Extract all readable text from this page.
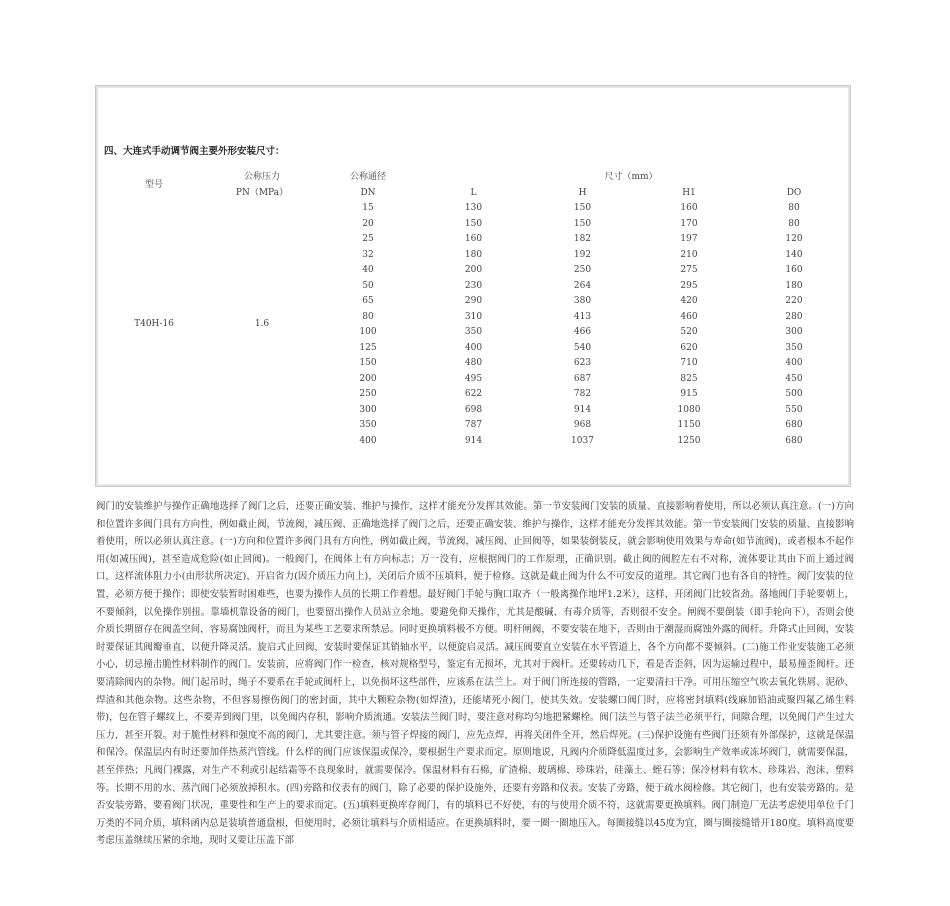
四、大连式手动调节阀主要外形安装尺寸：
型号	公称压力	公称通径	尺寸（mm）			
	PN（MPa）	DN	L	H	H1	DO
T40H-16	1.6	15	130	150	160	80
		20	150	150	170	80
		25	160	182	197	120
		32	180	192	210	140
		40	200	250	275	160
		50	230	264	295	180
		65	290	380	420	220
		80	310	413	460	280
		100	350	466	520	300
		125	400	540	620	350
		150	480	623	710	400
		200	495	687	825	450
		250	622	782	915	500
		300	698	914	1080	550
		350	787	968	1150	680
		400	914	1037	1250	680
阀门的安装维护与操作正确地选择了阀门之后，还要正确安装、维护与操作，这样才能充分发挥其效能。第一节安装阀门安装的质量、直接影响着使用，所以必须认真注意。(一)方向和位置许多阀门具有方向性，例如截止阀，节流阀，减压阀、正确地选择了阀门之后，还要正确安装、维护与操作，这样才能充分发挥其效能。第一节安装阀门安装的质量、直接影响着使用，所以必须认真注意。(一)方向和位置许多阀门具有方向性，例如截止阀，节流阀，减压阀、止回阀等，如果装倒装反，就会影响使用效果与寿命(如节流阀)，或者根本不起作用(如减压阀)，甚至造成危险(如止回阀)。一般阀门，在阀体上有方向标志；万一没有，应根据阀门的工作原理，正确识别。截止阀的阀腔左右不对称，流体要让其由下而上通过阀口，这样流体阻力小(由形状所决定)，开启省力(因介质压力向上)，关闭后介质不压填料，便于检修。这就是截止阀为什么不可安反的道理。其它阀门也有各自的特性。阀门安装的位置，必须方便于操作；即使安装暂时困难些，也要为操作人员的长期工作着想。最好阀门手轮与胸口取齐（一般离操作地坪1.2米），这样，开闭阀门比较省劲。落地阀门手轮要朝上，不要倾斜，以免操作别扭。靠墙机靠设备的阀门，也要留出操作人员站立余地。要避免仰天操作，尤其是酸碱、有毒介质等，否则很不安全。闸阀不要倒装（即手轮向下），否则会使介质长期留存在阀盖空间，容易腐蚀阀杆，而且为某些工艺要求所禁忌。同时更换填料极不方便。明杆闸阀，不要安装在地下，否则由于潮湿而腐蚀外露的阀杆。升降式止回阀，安装时要保证其阀瓣垂直，以便升降灵活。旋启式止回阀，安装时要保证其销轴水平，以便旋启灵活。减压阀要直立安装在水平管道上，各个方向都不要倾斜。(二)施工作业安装施工必须小心，切忌撞击脆性材料制作的阀门。安装前，应将阀门作一检查，核对规格型号，鉴定有无损坏，尤其对于阀杆。还要转动几下，看是否歪斜，因为运输过程中，最易撞歪阀杆。还要清除阀内的杂物。阀门起吊时，绳子不要系在手轮或阀杆上，以免损坏这些部件，应该系在法兰上。对于阀门所连接的管路，一定要清扫干净。可用压缩空气吹去氧化铁屑、泥砂、焊渣和其他杂物。这些杂物，不但容易擦伤阀门的密封面，其中大颗粒杂物(如焊渣)，还能堵死小阀门，使其失效。安装螺口阀门时，应将密封填料(线麻加铅油或聚四氟乙烯生料带)，包在管子螺纹上，不要弄到阀门里，以免阀内存积，影响介质流通。安装法兰阀门时，要注意对称均匀地把紧螺栓。阀门法兰与管子法兰必须平行，间隙合理，以免阀门产生过大压力，甚至开裂。对于脆性材料和强度不高的阀门，尤其要注意。须与管子焊接的阀门，应先点焊，再将关闭件全开，然后焊死。(三)保护设施有些阀门还须有外部保护，这就是保温和保冷。保温层内有时还要加伴热蒸汽管线。什么样的阀门应该保温或保冷，要根据生产要求而定。原则地说，凡阀内介质降低温度过多，会影响生产效率或冻坏阀门，就需要保温，甚至伴热；凡阀门裸露，对生产不利或引起结霜等不良现象时，就需要保冷。保温材料有石棉，矿渣棉、玻璃棉、珍珠岩，硅藻土、蛭石等；保冷材料有软木、珍珠岩、泡沫、塑料等。长期不用的水、蒸汽阀门必须放掉积水。(四)旁路和仪表有的阀门，除了必要的保护设施外，还要有旁路和仪表。安装了旁路，便于疏水阀检修。其它阀门，也有安装旁路的。是否安装旁路，要看阀门状况，重要性和生产上的要求而定。(五)填料更换库存阀门，有的填料已不好使，有的与使用介质不符，这就需要更换填料。阀门制造厂无法考虑使用单位千门万类的不同介质，填料函内总是装填普通盘根，但使用时，必须让填料与介质相适应。在更换填料时，要一圈一圈地压入。每圈接缝以45度为宜，圈与圈接缝错开180度。填料高度要考虑压盖继续压紧的余地，现时又要让压盖下部
